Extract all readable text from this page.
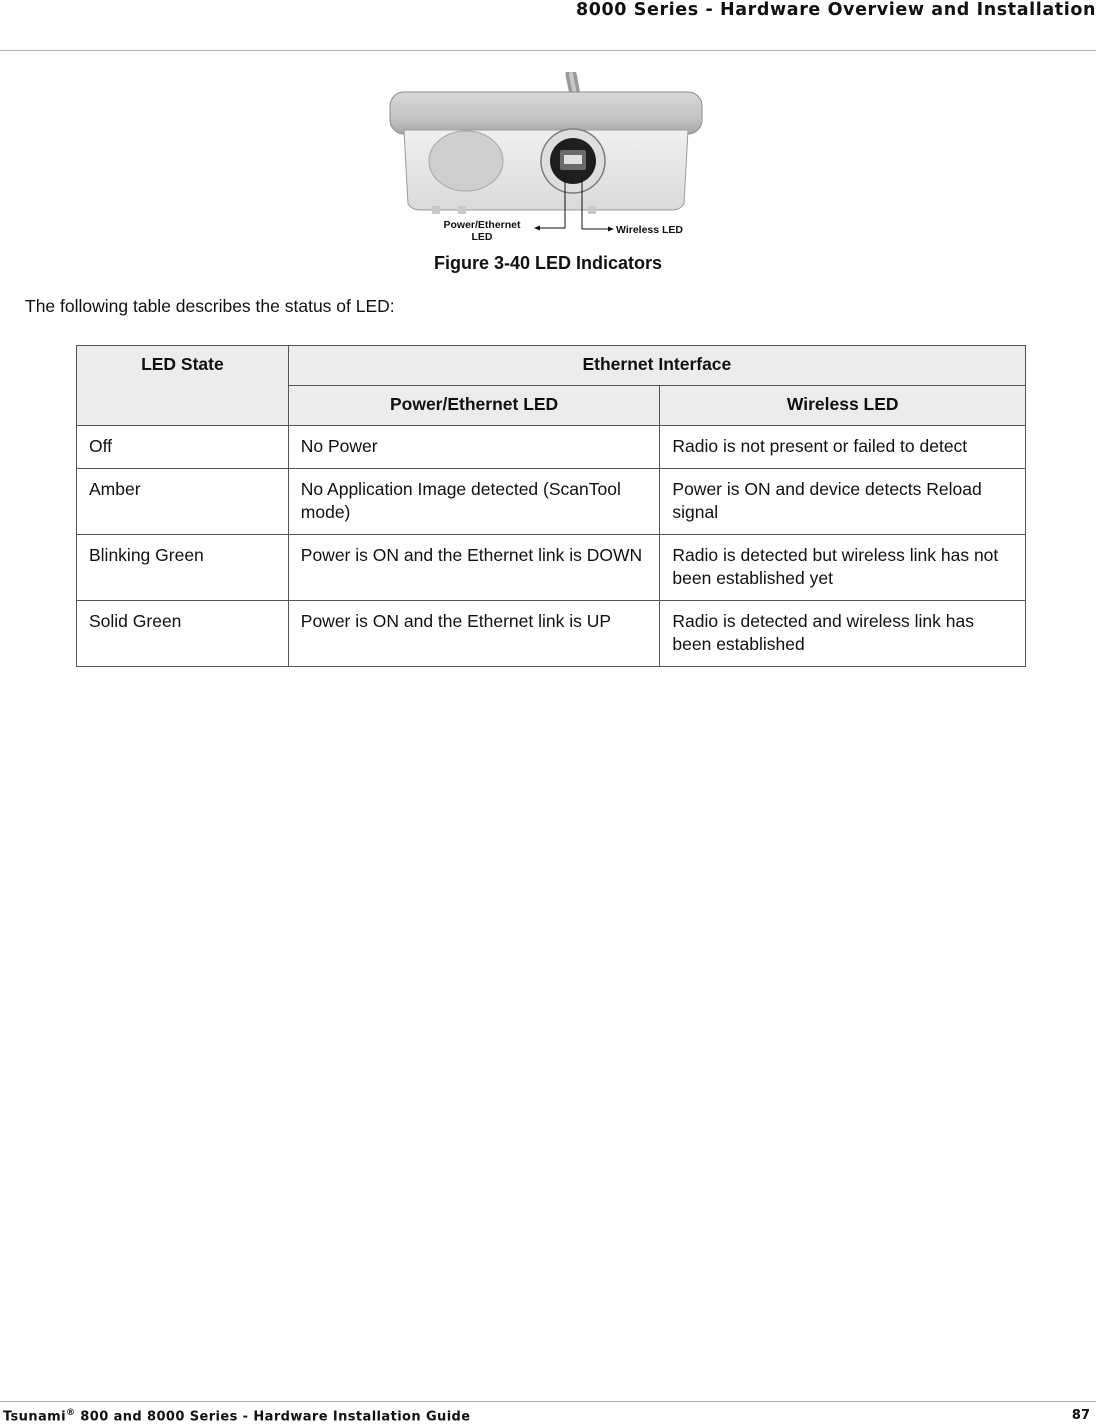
8000 Series - Hardware Overview and Installation
Power/Ethernet
LED
Wireless LED
Figure 3-40 LED Indicators
The following table describes the status of LED:
LED State	Ethernet Interface	
	Power/Ethernet LED	Wireless LED
Off	No Power	Radio is not present or failed to detect
Amber	No Application Image detected (ScanTool mode)	Power is ON and device detects Reload signal
Blinking Green	Power is ON and the Ethernet link is DOWN	Radio is detected but wireless link has not been established yet
Solid Green	Power is ON and the Ethernet link is UP	Radio is detected and wireless link has been established
Tsunami® 800 and 8000 Series - Hardware Installation Guide	87
